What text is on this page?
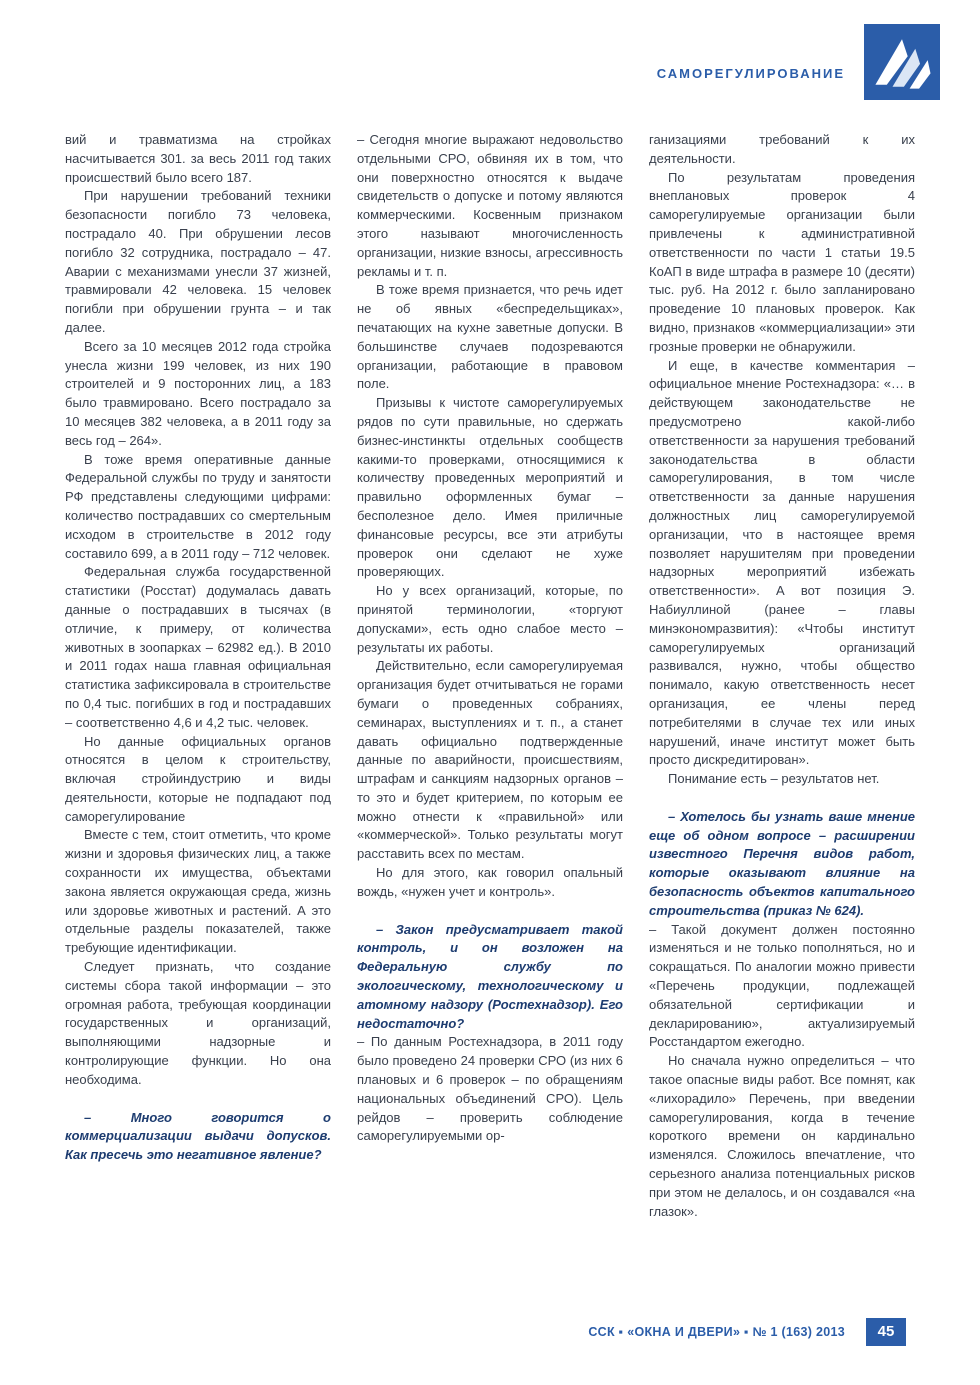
САМОРЕГУЛИРОВАНИЕ

вий и травматизма на стройках насчитывается 301. за весь 2011 год таких происшествий было всего 187.

При нарушении требований техники безопасности погибло 73 человека, пострадало 40. При обрушении лесов погибло 32 сотрудника, пострадало – 47. Аварии с механизмами унесли 37 жизней, травмировали 42 человека. 15 человек погибли при обрушении грунта – и так далее.

Всего за 10 месяцев 2012 года стройка унесла жизни 199 человек, из них 190 строителей и 9 посторонних лиц, а 183 было травмировано. Всего пострадало за 10 месяцев 382 человека, а в 2011 году за весь год – 264».

В тоже время оперативные данные Федеральной службы по труду и занятости РФ представлены следующими цифрами: количество пострадавших со смертельным исходом в строительстве в 2012 году составило 699, а в 2011 году – 712 человек.

Федеральная служба государственной статистики (Росстат) додумалась давать данные о пострадавших в тысячах (в отличие, к примеру, от количества животных в зоопарках – 62982 ед.). В 2010 и 2011 годах наша главная официальная статистика зафиксировала в строительстве по 0,4 тыс. погибших в год и пострадавших – соответственно 4,6 и 4,2 тыс. человек.

Но данные официальных органов относятся в целом к строительству, включая стройиндустрию и виды деятельности, которые не подпадают под саморегулирование

Вместе с тем, стоит отметить, что кроме жизни и здоровья физических лиц, а также сохранности их имущества, объектами закона является окружающая среда, жизнь или здоровье животных и растений. А это отдельные разделы показателей, также требующие идентификации.

Следует признать, что создание системы сбора такой информации – это огромная работа, требующая координации государственных и организаций, выполняющими надзорные и контролирующие функции. Но она необходима.

– Много говорится о коммерциализации выдачи допусков. Как пресечь это негативное явление?

– Сегодня многие выражают недовольство отдельными СРО, обвиняя их в том, что они поверхностно относятся к выдаче свидетельств о допуске и потому являются коммерческими. Косвенным признаком этого называют многочисленность организации, низкие взносы, агрессивность рекламы и т. п.

В тоже время признается, что речь идет не об явных «беспредельщиках», печатающих на кухне заветные допуски. В большинстве случаев подозреваются организации, работающие в правовом поле.

Призывы к чистоте саморегулируемых рядов по сути правильные, но сдержать бизнес-инстинкты отдельных сообществ какими-то проверками, относящимися к количеству проведенных мероприятий и правильно оформленных бумаг – бесполезное дело. Имея приличные финансовые ресурсы, все эти атрибуты проверок они сделают не хуже проверяющих.

Но у всех организаций, которые, по принятой терминологии, «торгуют допусками», есть одно слабое место – результаты их работы.

Действительно, если саморегулируемая организация будет отчитываться не горами бумаги о проведенных собраниях, семинарах, выступлениях и т. п., а станет давать официально подтвержденные данные по аварийности, происшествиям, штрафам и санкциям надзорных органов – то это и будет критерием, по которым ее можно отнести к «правильной» или «коммерческой». Только результаты могут расставить всех по местам.

Но для этого, как говорил опальный вождь, «нужен учет и контроль».

– Закон предусматривает такой контроль, и он возложен на Федеральную службу по экологическому, технологическому и атомному надзору (Ростехнадзор). Его недостаточно?

– По данным Ростехнадзора, в 2011 году было проведено 24 проверки СРО (из них 6 плановых и 6 проверок – по обращениям национальных объединений СРО). Цель рейдов – проверить соблюдение саморегулируемыми ор-

ганизациями требований к их деятельности.

По результатам проведения внеплановых проверок 4 саморегулируемые организации были привлечены к административной ответственности по части 1 статьи 19.5 КоАП в виде штрафа в размере 10 (десяти) тыс. руб. На 2012 г. было запланировано проведение 10 плановых проверок. Как видно, признаков «коммерциализации» эти грозные проверки не обнаружили.

И еще, в качестве комментария – официальное мнение Ростехнадзора: «… в действующем законодательстве не предусмотрено какой-либо ответственности за нарушения требований законодательства в области саморегулирования, в том числе ответственности за данные нарушения должностных лиц саморегулируемой организации, что в настоящее время позволяет нарушителям при проведении надзорных мероприятий избежать ответственности». А вот позиция Э. Набиуллиной (ранее – главы минэкономразвития): «Чтобы институт саморегулируемых организаций развивался, нужно, чтобы общество понимало, какую ответственность несет организация, ее члены перед потребителями в случае тех или иных нарушений, иначе институт может быть просто дискредитирован».

Понимание есть – результатов нет.

– Хотелось бы узнать ваше мнение еще об одном вопросе – расширении известного Перечня видов работ, которые оказывают влияние на безопасность объектов капитального строительства (приказ № 624).

– Такой документ должен постоянно изменяться и не только пополняться, но и сокращаться. По аналогии можно привести «Перечень продукции, подлежащей обязательной сертификации и декларированию», актуализируемый Росстандартом ежегодно.

Но сначала нужно определиться – что такое опасные виды работ. Все помнят, как «лихорадило» Перечень, при введении саморегулирования, когда в течение короткого времени он кардинально изменялся. Сложилось впечатление, что серьезного анализа потенциальных рисков при этом не делалось, и он создавался «на глазок».

ССК ▪ «ОКНА И ДВЕРИ» ▪ № 1 (163) 2013	45
